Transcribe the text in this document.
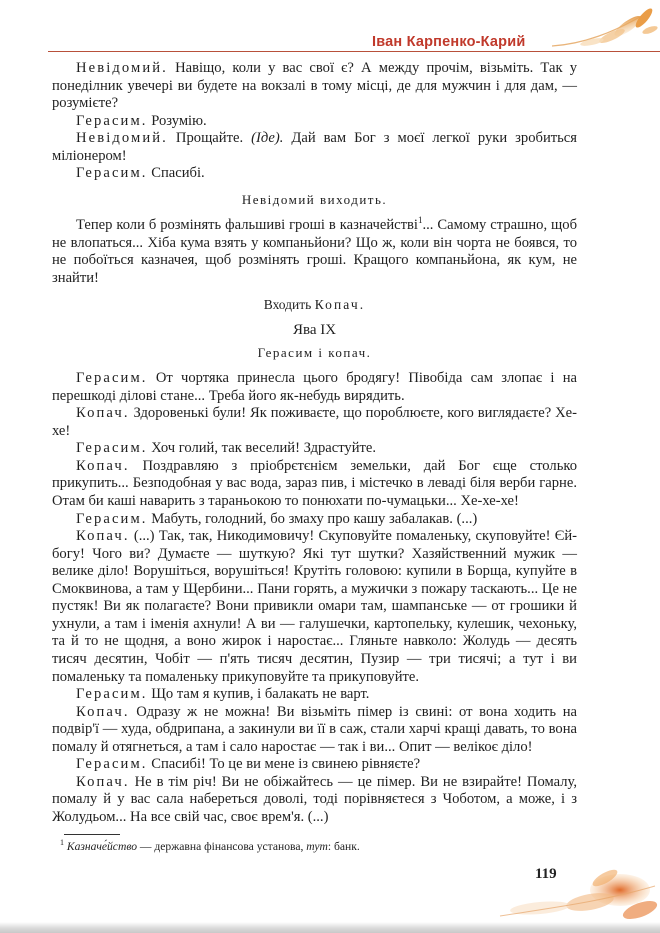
Іван Карпенко-Карий

Невідомий. Навіщо, коли у вас свої є? А между прочім, візьміть. Так у понеділник увечері ви будете на вокзалі в тому місці, де для мужчин і для дам, — розумієте?

Герасим. Розумію.

Невідомий. Прощайте. (Іде). Дай вам Бог з моєї легкої руки зробиться міліонером!

Герасим. Спасибі.

Невідомий виходить.

Тепер коли б розмінять фальшиві гроші в казначействі$^1$... Самому страшно, щоб не влопаться... Хіба кума взять у компаньйони? Що ж, коли він чорта не боявся, то не побоїться казначея, щоб розмінять гроші. Кращого компаньйона, як кум, не знайти!

Входить Копач.

Ява IX

Герасим і копач.

Герасим. От чортяка принесла цього бродягу! Півобіда сам злопає і на перешкоді ділові стане... Треба його як-небудь вирядить.

Копач. Здоровенькі були! Як поживаєте, що пороблюєте, кого виглядаєте? Хе-хе!

Герасим. Хоч голий, так веселий! Здрастуйте.

Копач. Поздравляю з пріобрєтєнієм земельки, дай Бог єще столько прикупить... Безподобная у вас вода, зараз пив, і містечко в леваді біля верби гарне. Отам би каші наварить з тараньокою то понюхати по-чумацьки... Хе-хе-хе!

Герасим. Мабуть, голодний, бо змаху про кашу забалакав. (...)

Копач. (...) Так, так, Никодимовичу! Скуповуйте помаленьку, скуповуйте! Єй-богу! Чого ви? Думаєте — шуткую? Які тут шутки? Хазяйственний мужик — велике діло! Ворушіться, ворушіться! Крутіть головою: купили в Борща, купуйте в Смоквинова, а там у Щербини... Пани горять, а мужички з пожару таскають... Це не пустяк! Ви як полагаєте? Вони привикли омари там, шампанське — от грошики й ухнули, а там і іменія ахнули! А ви — галушечки, картопельку, кулешик, чехоньку, та й то не щодня, а воно жирок і наростає... Гляньте навколо: Жолудь — десять тисяч десятин, Чобіт — п'ять тисяч десятин, Пузир — три тисячі; а тут і ви помаленьку та помаленьку прикуповуйте та прикуповуйте.

Герасим. Що там я купив, і балакать не варт.

Копач. Одразу ж не можна! Ви візьміть пімер із свині: от вона ходить на подвір'ї — худа, обдрипана, а закинули ви її в саж, стали харчі кращі давать, то вона помалу й отягнеться, а там і сало наростає — так і ви... Опит — велікоє діло!

Герасим. Спасибі! То це ви мене із свинею рівняєте?

Копач. Не в тім річ! Ви не обіжайтесь — це пімер. Ви не взирайте! Помалу, помалу й у вас сала набереться доволі, тоді порівняєтеся з Чоботом, а може, і з Жолудьом... На все свій час, своє врем'я. (...)

$^1$ Казначе́йство — державна фінансова установа, тут: банк.
119
